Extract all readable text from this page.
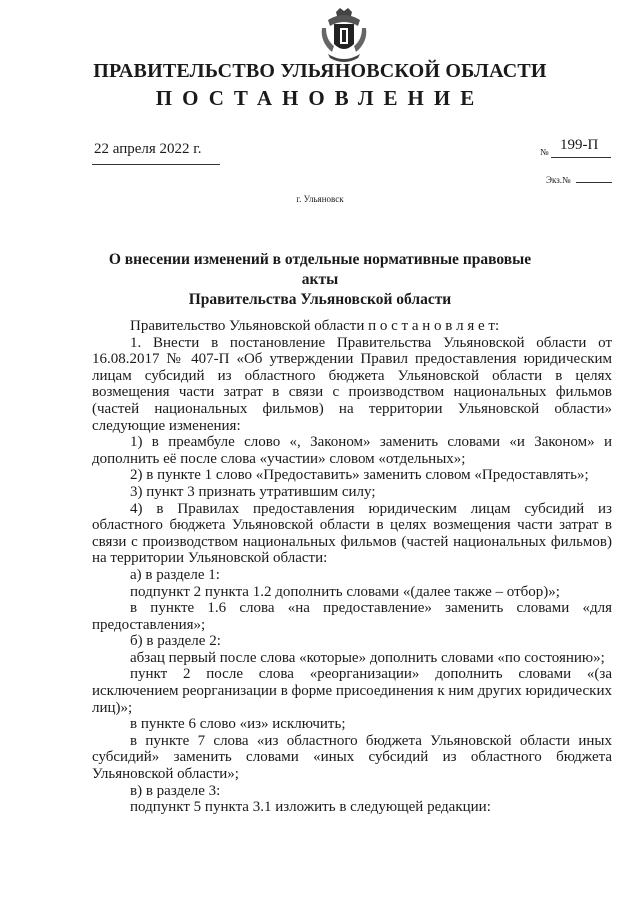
ПРАВИТЕЛЬСТВО УЛЬЯНОВСКОЙ ОБЛАСТИ
ПОСТАНОВЛЕНИЕ
22 апреля 2022 г.	№ 199-П
Экз.№
г. Ульяновск
О внесении изменений в отдельные нормативные правовые акты
Правительства Ульяновской области

Правительство Ульяновской области п о с т а н о в л я е т:

1. Внести в постановление Правительства Ульяновской области от 16.08.2017 № 407-П «Об утверждении Правил предоставления юридическим лицам субсидий из областного бюджета Ульяновской области в целях возмещения части затрат в связи с производством национальных фильмов (частей национальных фильмов) на территории Ульяновской области» следующие изменения:

1) в преамбуле слово «, Законом» заменить словами «и Законом» и дополнить её после слова «участии» словом «отдельных»;

2) в пункте 1 слово «Предоставить» заменить словом «Предоставлять»;

3) пункт 3 признать утратившим силу;

4) в Правилах предоставления юридическим лицам субсидий из областного бюджета Ульяновской области в целях возмещения части затрат в связи с производством национальных фильмов (частей национальных фильмов) на территории Ульяновской области:

а) в разделе 1:

подпункт 2 пункта 1.2 дополнить словами «(далее также – отбор)»;

в пункте 1.6 слова «на предоставление» заменить словами «для предоставления»;

б) в разделе 2:

абзац первый после слова «которые» дополнить словами «по состоянию»;

пункт 2 после слова «реорганизации» дополнить словами «(за исключением реорганизации в форме присоединения к ним других юридических лиц)»;

в пункте 6 слово «из» исключить;

в пункте 7 слова «из областного бюджета Ульяновской области иных субсидий» заменить словами «иных субсидий из областного бюджета Ульяновской области»;

в) в разделе 3:

подпункт 5 пункта 3.1 изложить в следующей редакции:
